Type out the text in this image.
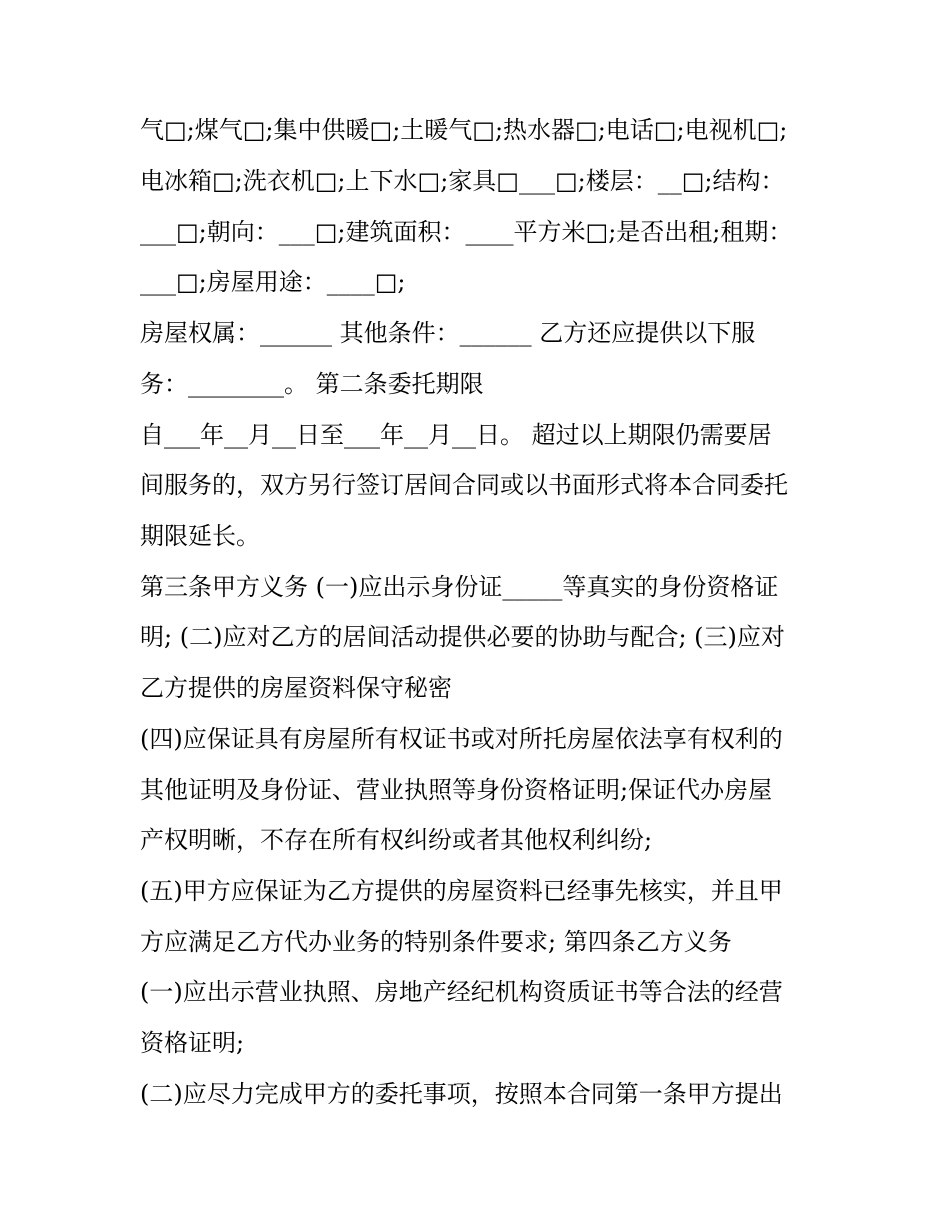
气□;煤气□;集中供暖□;土暖气□;热水器□;电话□;电视机□;

电冰箱□;洗衣机□;上下水□;家具□___□;楼层：__□;结构：

___□;朝向：___□;建筑面积：____平方米□;是否出租;租期：

___□;房屋用途：____□;

房屋权属：______ 其他条件：______ 乙方还应提供以下服

务：________。 第二条委托期限

自___年__月__日至___年__月__日。 超过以上期限仍需要居

间服务的，双方另行签订居间合同或以书面形式将本合同委托

期限延长。

第三条甲方义务 (一)应出示身份证_____等真实的身份资格证

明; (二)应对乙方的居间活动提供必要的协助与配合; (三)应对

乙方提供的房屋资料保守秘密

(四)应保证具有房屋所有权证书或对所托房屋依法享有权利的

其他证明及身份证、营业执照等身份资格证明;保证代办房屋

产权明晰，不存在所有权纠纷或者其他权利纠纷;

(五)甲方应保证为乙方提供的房屋资料已经事先核实，并且甲

方应满足乙方代办业务的特别条件要求; 第四条乙方义务

(一)应出示营业执照、房地产经纪机构资质证书等合法的经营

资格证明;

(二)应尽力完成甲方的委托事项，按照本合同第一条甲方提出
